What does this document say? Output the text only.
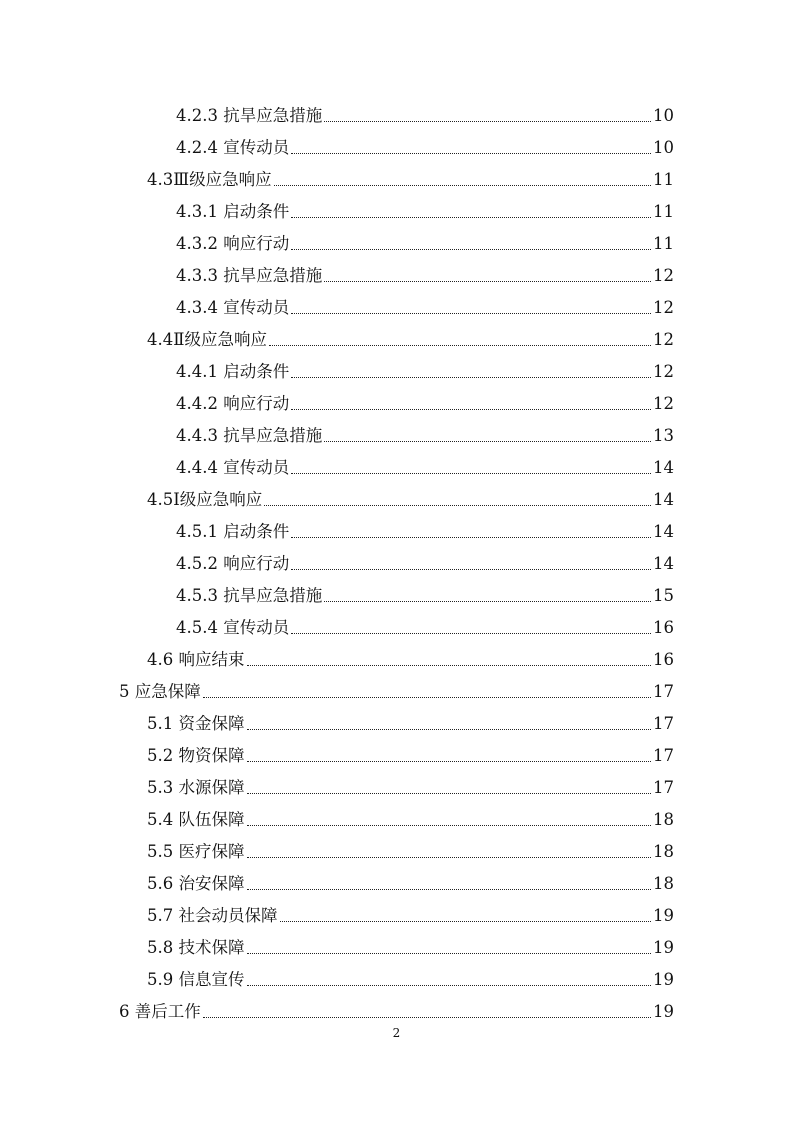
4.2.3 抗旱应急措施	10
4.2.4 宣传动员	10
4.3Ⅲ级应急响应	11
4.3.1 启动条件	11
4.3.2 响应行动	11
4.3.3 抗旱应急措施	12
4.3.4 宣传动员	12
4.4Ⅱ级应急响应	12
4.4.1 启动条件	12
4.4.2 响应行动	12
4.4.3 抗旱应急措施	13
4.4.4 宣传动员	14
4.5Ⅰ级应急响应	14
4.5.1 启动条件	14
4.5.2 响应行动	14
4.5.3 抗旱应急措施	15
4.5.4 宣传动员	16
4.6 响应结束	16
5 应急保障	17
5.1 资金保障	17
5.2 物资保障	17
5.3 水源保障	17
5.4 队伍保障	18
5.5 医疗保障	18
5.6 治安保障	18
5.7 社会动员保障	19
5.8 技术保障	19
5.9 信息宣传	19
6 善后工作	19
2
